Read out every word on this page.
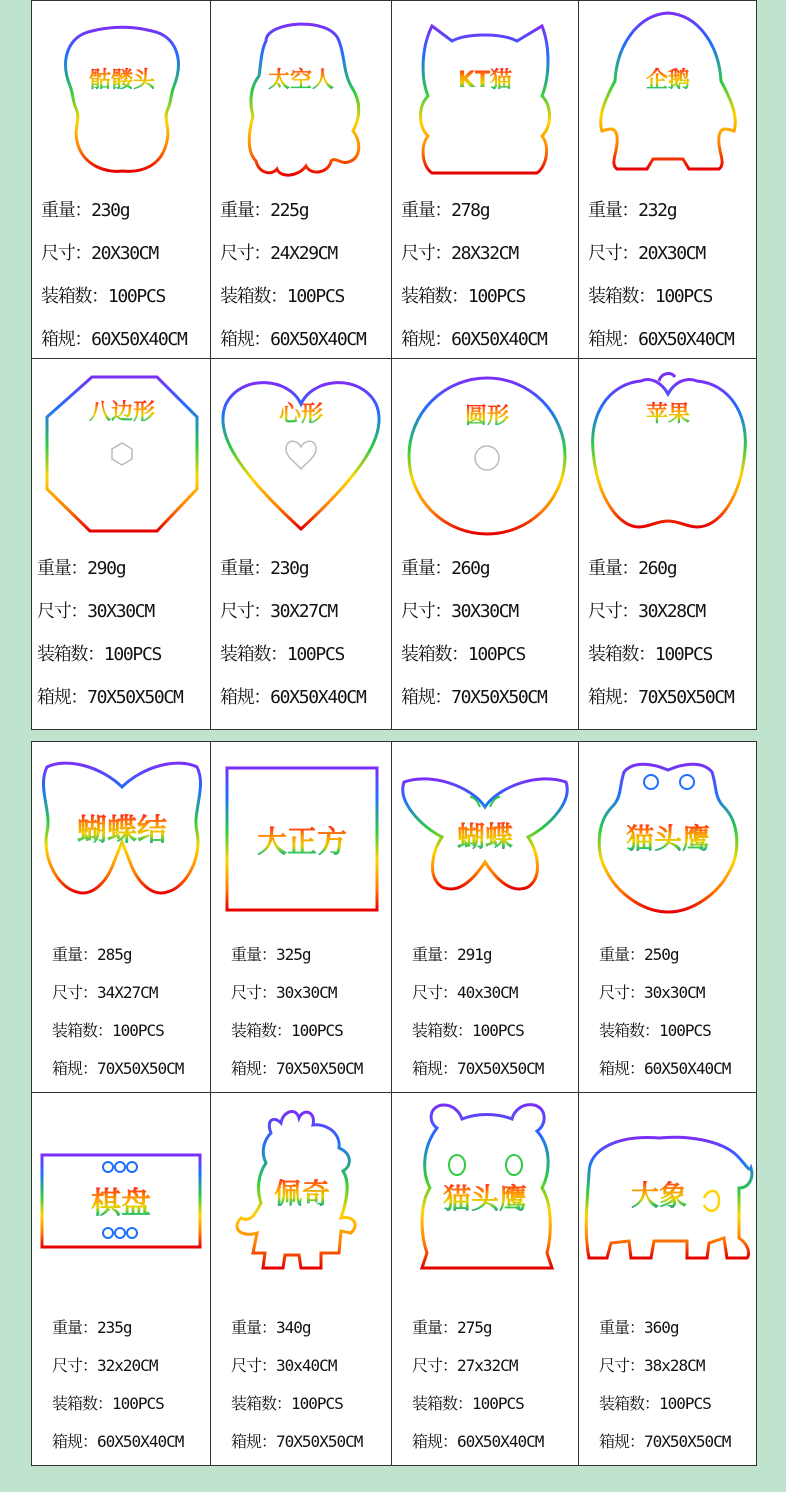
骷髅头
重量：230g
尺寸：20X30CM
装箱数：100PCS
箱规：60X50X40CM
太空人
重量：225g
尺寸：24X29CM
装箱数：100PCS
箱规：60X50X40CM
KT猫
重量：278g
尺寸：28X32CM
装箱数：100PCS
箱规：60X50X40CM
企鹅
重量：232g
尺寸：20X30CM
装箱数：100PCS
箱规：60X50X40CM
八边形
重量：290g
尺寸：30X30CM
装箱数：100PCS
箱规：70X50X50CM
心形
重量：230g
尺寸：30X27CM
装箱数：100PCS
箱规：60X50X40CM
圆形
重量：260g
尺寸：30X30CM
装箱数：100PCS
箱规：70X50X50CM
苹果
重量：260g
尺寸：30X28CM
装箱数：100PCS
箱规：70X50X50CM
蝴蝶结
重量：285g
尺寸：34X27CM
装箱数：100PCS
箱规：70X50X50CM
大正方
重量：325g
尺寸：30x30CM
装箱数：100PCS
箱规：70X50X50CM
蝴蝶
重量：291g
尺寸：40x30CM
装箱数：100PCS
箱规：70X50X50CM
猫头鹰
重量：250g
尺寸：30x30CM
装箱数：100PCS
箱规：60X50X40CM
棋盘
重量：235g
尺寸：32x20CM
装箱数：100PCS
箱规：60X50X40CM
佩奇
重量：340g
尺寸：30x40CM
装箱数：100PCS
箱规：70X50X50CM
猫头鹰
重量：275g
尺寸：27x32CM
装箱数：100PCS
箱规：60X50X40CM
大象
重量：360g
尺寸：38x28CM
装箱数：100PCS
箱规：70X50X50CM
